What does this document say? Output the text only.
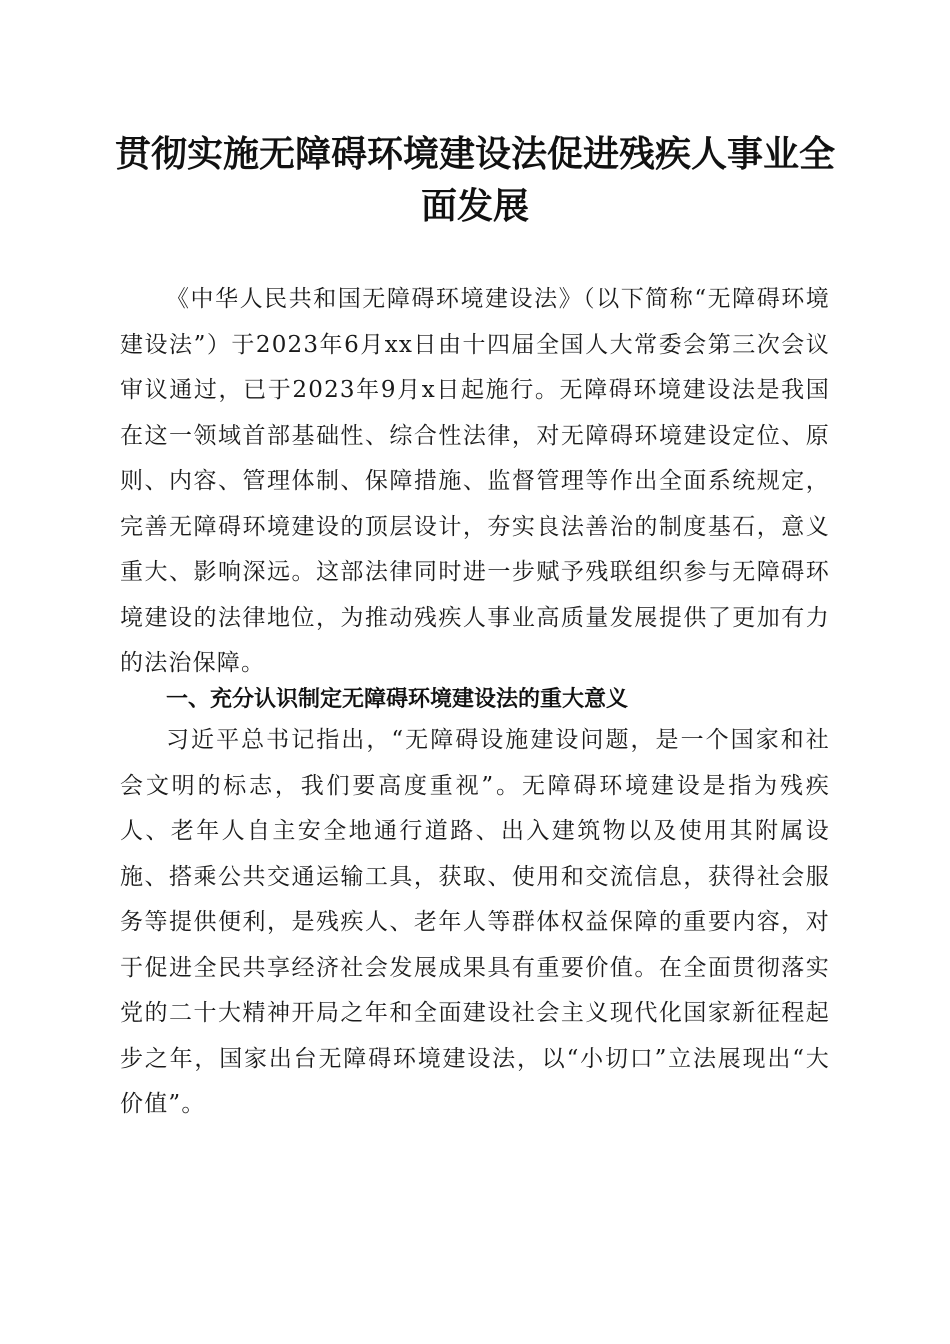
贯彻实施无障碍环境建设法促进残疾人事业全面发展

《中华人民共和国无障碍环境建设法》（以下简称“无障碍环境建设法”）于2023年6月xx日由十四届全国人大常委会第三次会议审议通过，已于2023年9月x日起施行。无障碍环境建设法是我国在这一领域首部基础性、综合性法律，对无障碍环境建设定位、原则、内容、管理体制、保障措施、监督管理等作出全面系统规定，完善无障碍环境建设的顶层设计，夯实良法善治的制度基石，意义重大、影响深远。这部法律同时进一步赋予残联组织参与无障碍环境建设的法律地位，为推动残疾人事业高质量发展提供了更加有力的法治保障。

一、充分认识制定无障碍环境建设法的重大意义

习近平总书记指出，“无障碍设施建设问题，是一个国家和社会文明的标志，我们要高度重视”。无障碍环境建设是指为残疾人、老年人自主安全地通行道路、出入建筑物以及使用其附属设施、搭乘公共交通运输工具，获取、使用和交流信息，获得社会服务等提供便利，是残疾人、老年人等群体权益保障的重要内容，对于促进全民共享经济社会发展成果具有重要价值。在全面贯彻落实党的二十大精神开局之年和全面建设社会主义现代化国家新征程起步之年，国家出台无障碍环境建设法，以“小切口”立法展现出“大价值”。
